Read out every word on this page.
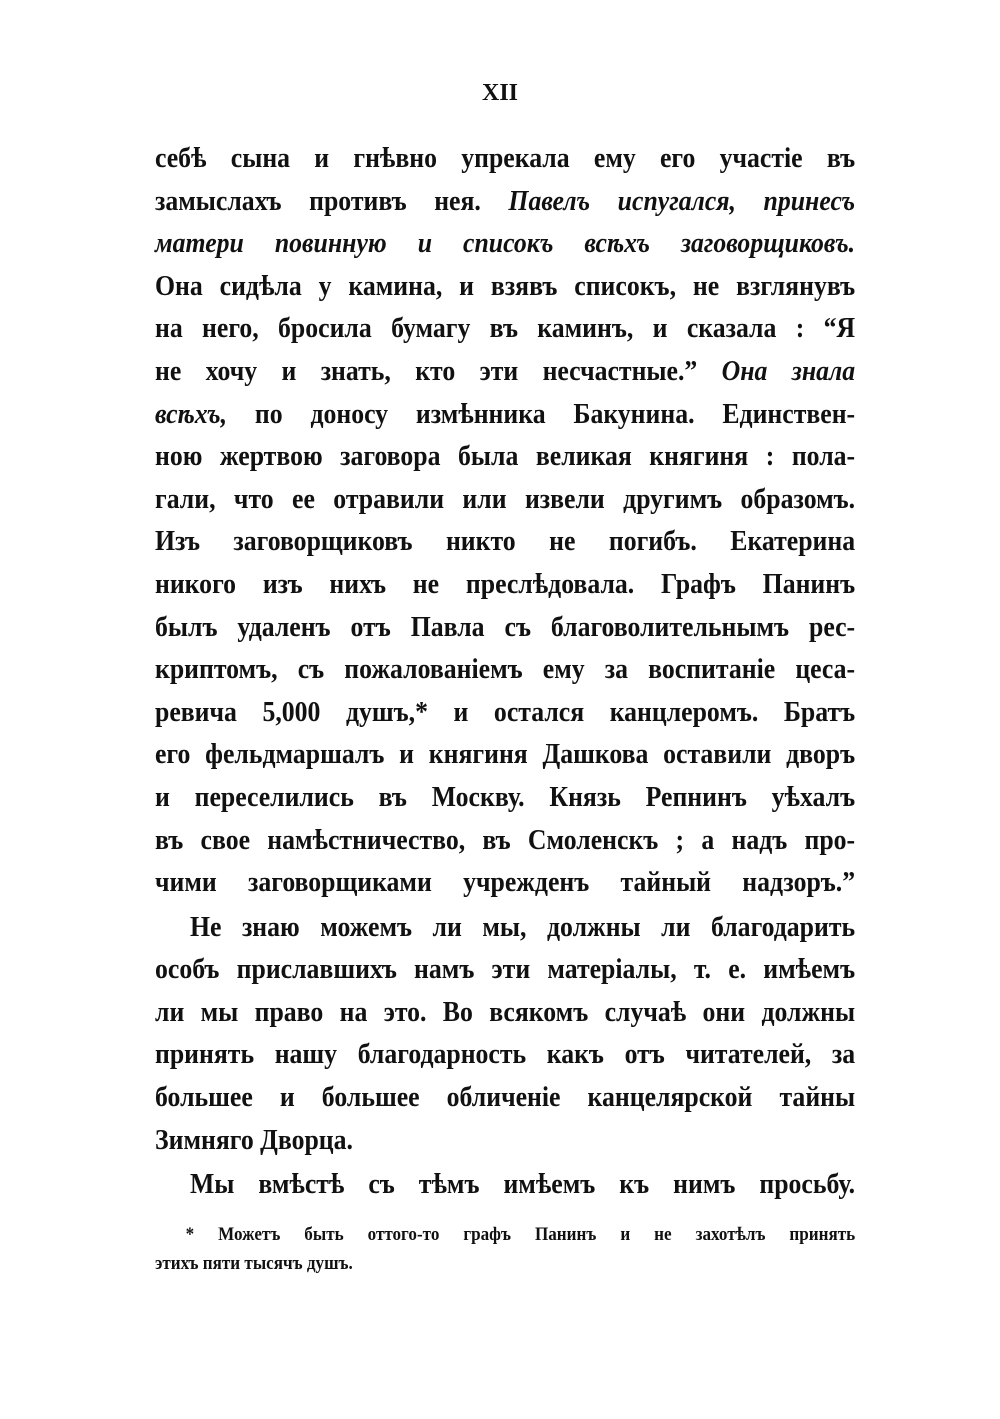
XII
себѣ сына и гнѣвно упрекала ему его участіе въ
замыслахъ противъ нея. Павелъ испугался, принесъ
матери повинную и списокъ всѣхъ заговорщиковъ.
Она сидѣла у камина, и взявъ списокъ, не взглянувъ
на него, бросила бумагу въ каминъ, и сказала : “Я
не хочу и знать, кто эти несчастные.” Она знала
всѣхъ, по доносу измѣнника Бакунина. Единствен-
ною жертвою заговора была великая княгиня : пола-
гали, что ее отравили или извели другимъ образомъ.
Изъ заговорщиковъ никто не погибъ. Екатерина
никого изъ нихъ не преслѣдовала. Графъ Панинъ
былъ удаленъ отъ Павла съ благоволительнымъ рес-
криптомъ, съ пожалованіемъ ему за воспитаніе цеса-
ревича 5,000 душъ,* и остался канцлеромъ. Братъ
его фельдмаршалъ и княгиня Дашкова оставили дворъ
и переселились въ Москву. Князь Репнинъ уѣхалъ
въ свое намѣстничество, въ Смоленскъ ; а надъ про-
чими заговорщиками учрежденъ тайный надзоръ.”
Не знаю можемъ ли мы, должны ли благодарить
особъ приславшихъ намъ эти матеріалы, т. е. имѣемъ
ли мы право на это. Во всякомъ случаѣ они должны
принять нашу благодарность какъ отъ читателей, за
большее и большее обличеніе канцелярской тайны
Зимняго Дворца.
Мы вмѣстѣ съ тѣмъ имѣемъ къ нимъ просьбу.
* Можетъ быть оттого-то графъ Панинъ и не захотѣлъ принять
этихъ пяти тысячъ душъ.
